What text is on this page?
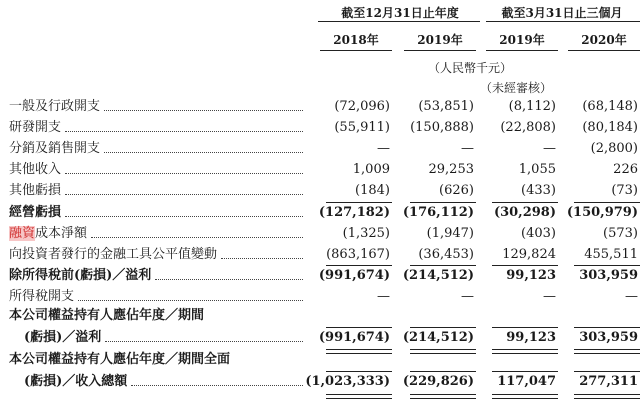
截至12月31日止年度	截至3月31日止三個月
2018年	2019年	2019年	2020年
（人民幣千元）
（未經審核）
一般及行政開支	(72,096) (53,851)	(8,112) (68,148)
研發開支	(55,911) (150,888) (22,808) (80,184)
分銷及銷售開支	—	—	—	(2,800)
其他收入	1,009	29,253	1,055	226
其他虧損	(184)	(626)	(433)	(73)
經營虧損	(127,182) (176,112) (30,298) (150,979)
融資成本淨額	(1,325)	(1,947)	(403)	(573)
向投資者發行的金融工具公平值變動	(863,167) (36,453) 129,824 455,511
除所得稅前(虧損)／溢利	(991,674) (214,512) 99,123 303,959
所得稅開支	—	—	—	—
本公司權益持有人應佔年度／期間
(虧損)／溢利	(991,674) (214,512) 99,123 303,959
本公司權益持有人應佔年度／期間全面
(虧損)／收入總額	(1,023,333) (229,826) 117,047 277,311
